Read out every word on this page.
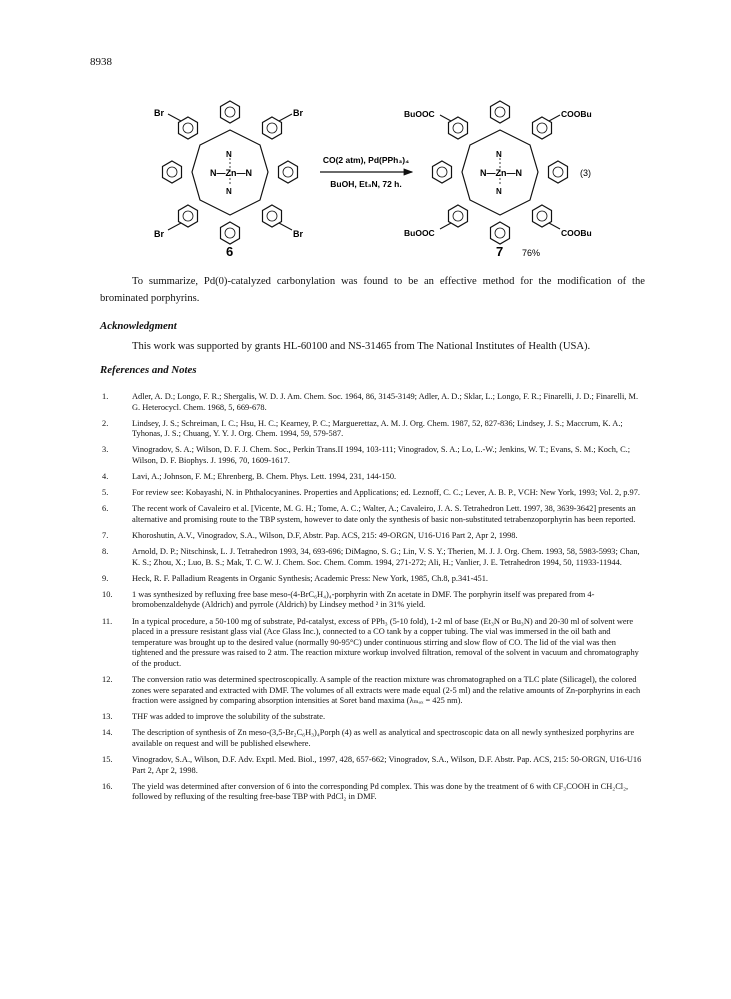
8938
N—Zn—N
N
N
Br	Br
Br	Br
6
CO(2 atm), Pd(PPh₃)₄
BuOH, Et₃N, 72 h.
N—Zn—N
N
N
BuOOC	COOBu
BuOOC	COOBu
7 76%
(3)
To summarize, Pd(0)-catalyzed carbonylation was found to be an effective method for the modification of the brominated porphyrins.
Acknowledgment
This work was supported by grants HL-60100 and NS-31465 from The National Institutes of Health (USA).
References and Notes
1.	Adler, A. D.; Longo, F. R.; Shergalis, W. D. J. Am. Chem. Soc. 1964, 86, 3145-3149; Adler, A. D.; Sklar, L.; Longo, F. R.; Finarelli, J. D.; Finarelli, M. G. Heterocycl. Chem. 1968, 5, 669-678.
2.	Lindsey, J. S.; Schreiman, I. C.; Hsu, H. C.; Kearney, P. C.; Marguerettaz, A. M. J. Org. Chem. 1987, 52, 827-836; Lindsey, J. S.; Maccrum, K. A.; Tyhonas, J. S.; Chuang, Y. Y. J. Org. Chem. 1994, 59, 579-587.
3.	Vinogradov, S. A.; Wilson, D. F. J. Chem. Soc., Perkin Trans.II 1994, 103-111; Vinogradov, S. A.; Lo, L.-W.; Jenkins, W. T.; Evans, S. M.; Koch, C.; Wilson, D. F. Biophys. J. 1996, 70, 1609-1617.
4.	Lavi, A.; Johnson, F. M.; Ehrenberg, B. Chem. Phys. Lett. 1994, 231, 144-150.
5.	For review see: Kobayashi, N. in Phthalocyanines. Properties and Applications; ed. Leznoff, C. C.; Lever, A. B. P., VCH: New York, 1993; Vol. 2, p.97.
6.	The recent work of Cavaleiro et al. [Vicente, M. G. H.; Tome, A. C.; Walter, A.; Cavaleiro, J. A. S. Tetrahedron Lett. 1997, 38, 3639-3642] presents an alternative and promising route to the TBP system, however to date only the synthesis of basic non-substituted tetrabenzoporphyrin has been reported.
7.	Khoroshutin, A.V., Vinogradov, S.A., Wilson, D.F, Abstr. Pap. ACS, 215: 49-ORGN, U16-U16 Part 2, Apr 2, 1998.
8.	Arnold, D. P.; Nitschinsk, L. J. Tetrahedron 1993, 34, 693-696; DiMagno, S. G.; Lin, V. S. Y.; Therien, M. J. J. Org. Chem. 1993, 58, 5983-5993; Chan, K. S.; Zhou, X.; Luo, B. S.; Mak, T. C. W. J. Chem. Soc. Chem. Comm. 1994, 271-272; Ali, H.; Vanlier, J. E. Tetrahedron 1994, 50, 11933-11944.
9.	Heck, R. F. Palladium Reagents in Organic Synthesis; Academic Press: New York, 1985, Ch.8, p.341-451.
10. 1 was synthesized by refluxing free base meso-(4-BrC₆H₄)₄-porphyrin with Zn acetate in DMF. The porphyrin itself was prepared from 4-bromobenzaldehyde (Aldrich) and pyrrole (Aldrich) by Lindsey method ² in 31% yield.
11. In a typical procedure, a 50-100 mg of substrate, Pd-catalyst, excess of PPh₃ (5-10 fold), 1-2 ml of base (Et₃N or Bu₃N) and 20-30 ml of solvent were placed in a pressure resistant glass vial (Ace Glass Inc.), connected to a CO tank by a copper tubing. The vial was immersed in the oil bath and temperature was brought up to the desired value (normally 90-95°C) under continuous stirring and slow flow of CO. The lid of the vial was then tightened and the pressure was raised to 2 atm. The reaction mixture workup involved filtration, removal of the solvent in vacuum and chromatography of the product.
12. The conversion ratio was determined spectroscopically. A sample of the reaction mixture was chromatographed on a TLC plate (Silicagel), the colored zones were separated and extracted with DMF. The volumes of all extracts were made equal (2-5 ml) and the relative amounts of Zn-porphyrins in each fraction were assigned by comparing absorption intensities at Soret band maxima (λₘₐₓ = 425 nm).
13. THF was added to improve the solubility of the substrate.
14. The description of synthesis of Zn meso-(3,5-Br₂C₆H₃)₄Porph (4) as well as analytical and spectroscopic data on all newly synthesized porphyrins are available on request and will be published elsewhere.
15. Vinogradov, S.A., Wilson, D.F. Adv. Exptl. Med. Biol., 1997, 428, 657-662; Vinogradov, S.A., Wilson, D.F. Abstr. Pap. ACS, 215: 50-ORGN, U16-U16 Part 2, Apr 2, 1998.
16. The yield was determined after conversion of 6 into the corresponding Pd complex. This was done by the treatment of 6 with CF₃COOH in CH₂Cl₂, followed by refluxing of the resulting free-base TBP with PdCl₂ in DMF.
